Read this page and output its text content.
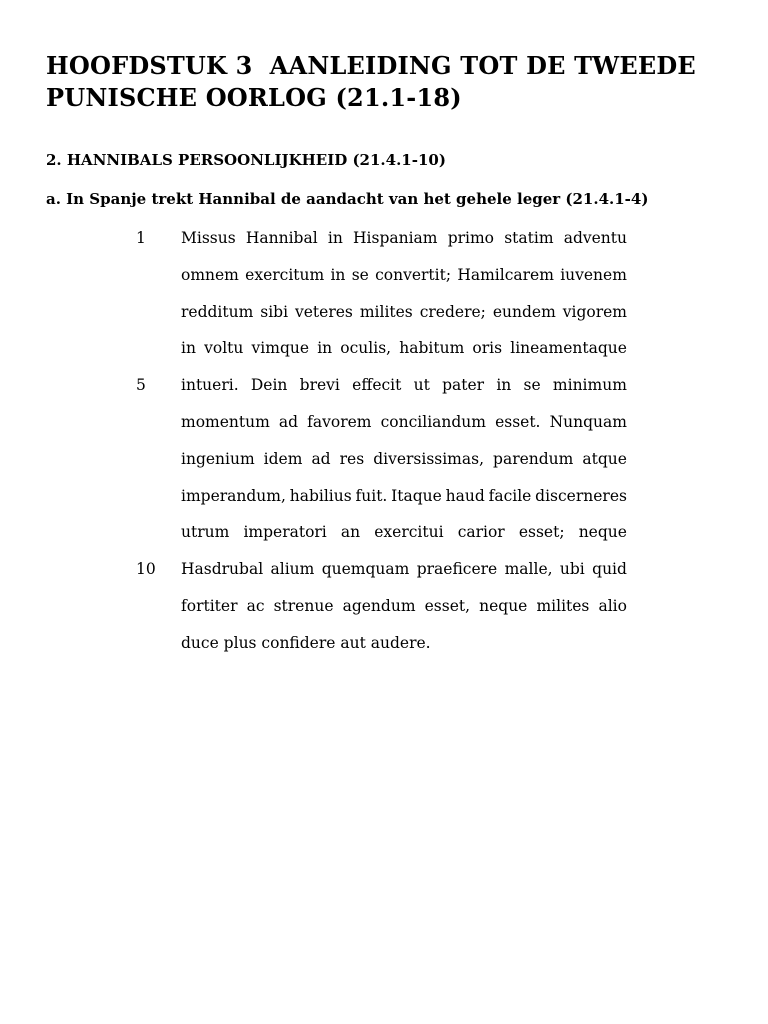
HOOFDSTUK 3  AANLEIDING TOT DE TWEEDE
PUNISCHE OORLOG (21.1-18)
2. HANNIBALS PERSOONLIJKHEID (21.4.1-10)
a. In Spanje trekt Hannibal de aandacht van het gehele leger (21.4.1-4)
1	Missus Hannibal in Hispaniam primo statim adventu
omnem exercitum in se convertit; Hamilcarem iuvenem
redditum sibi veteres milites credere; eundem vigorem
in voltu vimque in oculis, habitum oris lineamentaque
5	intueri. Dein brevi effecit ut pater in se minimum
momentum ad favorem conciliandum esset. Nunquam
ingenium idem ad res diversissimas, parendum atque
imperandum, habilius fuit. Itaque haud facile discerneres
utrum imperatori an exercitui carior esset; neque
10	Hasdrubal alium quemquam praeficere malle, ubi quid
fortiter ac strenue agendum esset, neque milites alio
duce plus confidere aut audere.
